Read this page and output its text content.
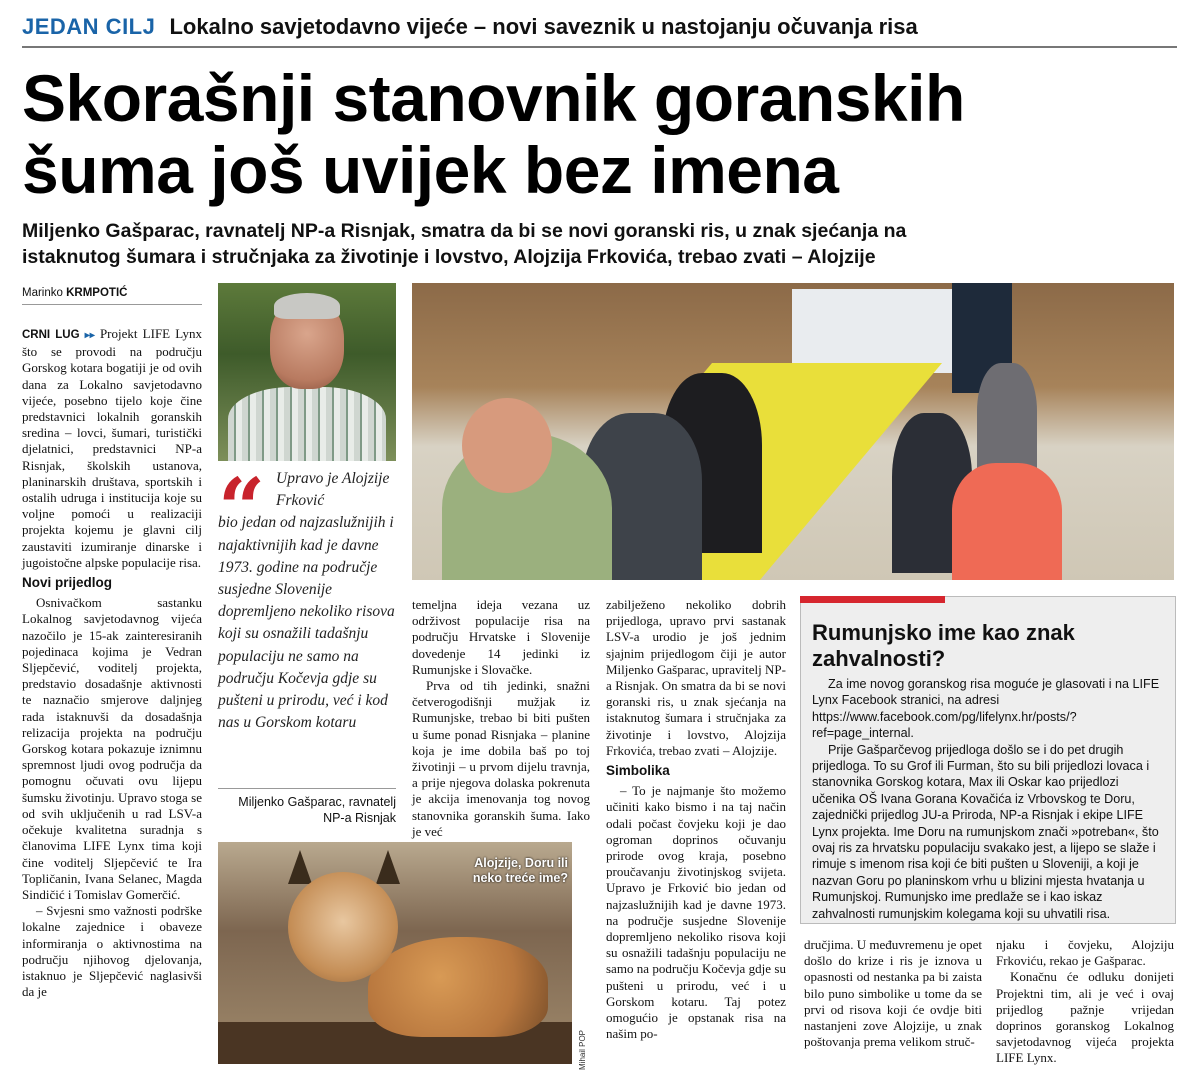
JEDAN CILJ Lokalno savjetodavno vijeće – novi saveznik u nastojanju očuvanja risa
Skorašnji stanovnik goranskih
šuma još uvijek bez imena
Miljenko Gašparac, ravnatelj NP-a Risnjak, smatra da bi se novi goranski ris, u znak sjećanja na
istaknutog šumara i stručnjaka za životinje i lovstvo, Alojzija Frkovića, trebao zvati – Alojzije
Marinko KRMPOTIĆ

CRNI LUG ▸▸ Projekt LIFE Lynx što se provodi na području Gorskog kotara bogatiji je od ovih dana za Lokalno savjetodavno vijeće, posebno tijelo koje čine predstavnici lokalnih goranskih sredina – lovci, šumari, turistički djelatnici, predstavnici NP-a Risnjak, školskih ustanova, planinarskih društava, sportskih i ostalih udruga i institucija koje su voljne pomoći u realizaciji projekta kojemu je glavni cilj zaustaviti izumiranje dinarske i jugoistočne alpske populacije risa.

Novi prijedlog

Osnivačkom sastanku Lokalnog savjetodavnog vijeća nazočilo je 15-ak zainteresiranih pojedinaca kojima je Vedran Sljepčević, voditelj projekta, predstavio dosadašnje aktivnosti te naznačio smjerove daljnjeg rada istaknuvši da dosadašnja relizacija projekta na području Gorskog kotara pokazuje iznimnu spremnost ljudi ovog područja da pomognu očuvati ovu lijepu šumsku životinju. Upravo stoga se od svih uključenih u rad LSV-a očekuje kvalitetna suradnja s članovima LIFE Lynx tima koji čine voditelj Sljepčević te Ira Topličanin, Ivana Selanec, Magda Sindičić i Tomislav Gomerčić.

– Svjesni smo važnosti podrške lokalne zajednice i obaveze informiranja o aktivnostima na području njihovog djelovanja, istaknuo je Sljepčević naglasivši da je

“ Upravo je Alojzije Frković
bio jedan od najzaslužnijih i najaktivnijih kad je davne 1973. godine na područje susjedne Slovenije dopremljeno nekoliko risova koji su osnažili tadašnju populaciju ne samo na području Kočevja gdje su pušteni u prirodu, već i kod nas u Gorskom kotaru
Miljenko Gašparac, ravnatelj NP-a Risnjak

temeljna ideja vezana uz održivost populacije risa na području Hrvatske i Slovenije dovedenje 14 jedinki iz Rumunjske i Slovačke.

Prva od tih jedinki, snažni četverogodišnji mužjak iz Rumunjske, trebao bi biti pušten u šume ponad Risnjaka – planine koja je ime dobila baš po toj životinji – u prvom dijelu travnja, a prije njegova dolaska pokrenuta je akcija imenovanja tog novog stanovnika goranskih šuma. Iako je već

zabilježeno nekoliko dobrih prijedloga, upravo prvi sastanak LSV-a urodio je još jednim sjajnim prijedlogom čiji je autor Miljenko Gašparac, upravitelj NP-a Risnjak. On smatra da bi se novi goranski ris, u znak sjećanja na istaknutog šumara i stručnjaka za životinje i lovstvo, Alojzija Frkovića, trebao zvati – Alojzije.

Simbolika

– To je najmanje što možemo učiniti kako bismo i na taj način odali počast čovjeku koji je dao ogroman doprinos očuvanju prirode ovog kraja, posebno proučavanju životinjskog svijeta. Upravo je Frković bio jedan od najzaslužnijih kad je davne 1973. na područje susjedne Slovenije dopremljeno nekoliko risova koji su osnažili tadašnju populaciju ne samo na području Kočevja gdje su pušteni u prirodu, već i u Gorskom kotaru. Taj potez omogućio je opstanak risa na našim po-

Alojzije, Doru ili neko treće ime?
Mihail POP
Rumunjsko ime kao znak zahvalnosti?

Za ime novog goranskog risa moguće je glasovati i na LIFE Lynx Facebook stranici, na adresi https://www.facebook.com/pg/lifelynx.hr/posts/?ref=page_internal.

Prije Gašparčevog prijedloga došlo se i do pet drugih prijedloga. To su Grof ili Furman, što su bili prijedlozi lovaca i stanovnika Gorskog kotara, Max ili Oskar kao prijedlozi učenika OŠ Ivana Gorana Kovačića iz Vrbovskog te Doru, zajednički prijedlog JU-a Priroda, NP-a Risnjak i ekipe LIFE Lynx projekta. Ime Doru na rumunjskom znači »potreban«, što ovaj ris za hrvatsku populaciju svakako jest, a lijepo se slaže i rimuje s imenom risa koji će biti pušten u Sloveniji, a koji je nazvan Goru po planinskom vrhu u blizini mjesta hvatanja u Rumunjskoj. Rumunjsko ime predlaže se i kao iskaz zahvalnosti rumunjskim kolegama koji su uhvatili risa.

dručjima. U međuvremenu je opet došlo do krize i ris je iznova u opasnosti od nestanka pa bi zaista bilo puno simbolike u tome da se prvi od risova koji će ovdje biti nastanjeni zove Alojzije, u znak poštovanja prema velikom struč-

njaku i čovjeku, Alojziju Frkoviću, rekao je Gašparac.

Konačnu će odluku donijeti Projektni tim, ali je već i ovaj prijedlog pažnje vrijedan doprinos goranskog Lokalnog savjetodavnog vijeća projekta LIFE Lynx.
